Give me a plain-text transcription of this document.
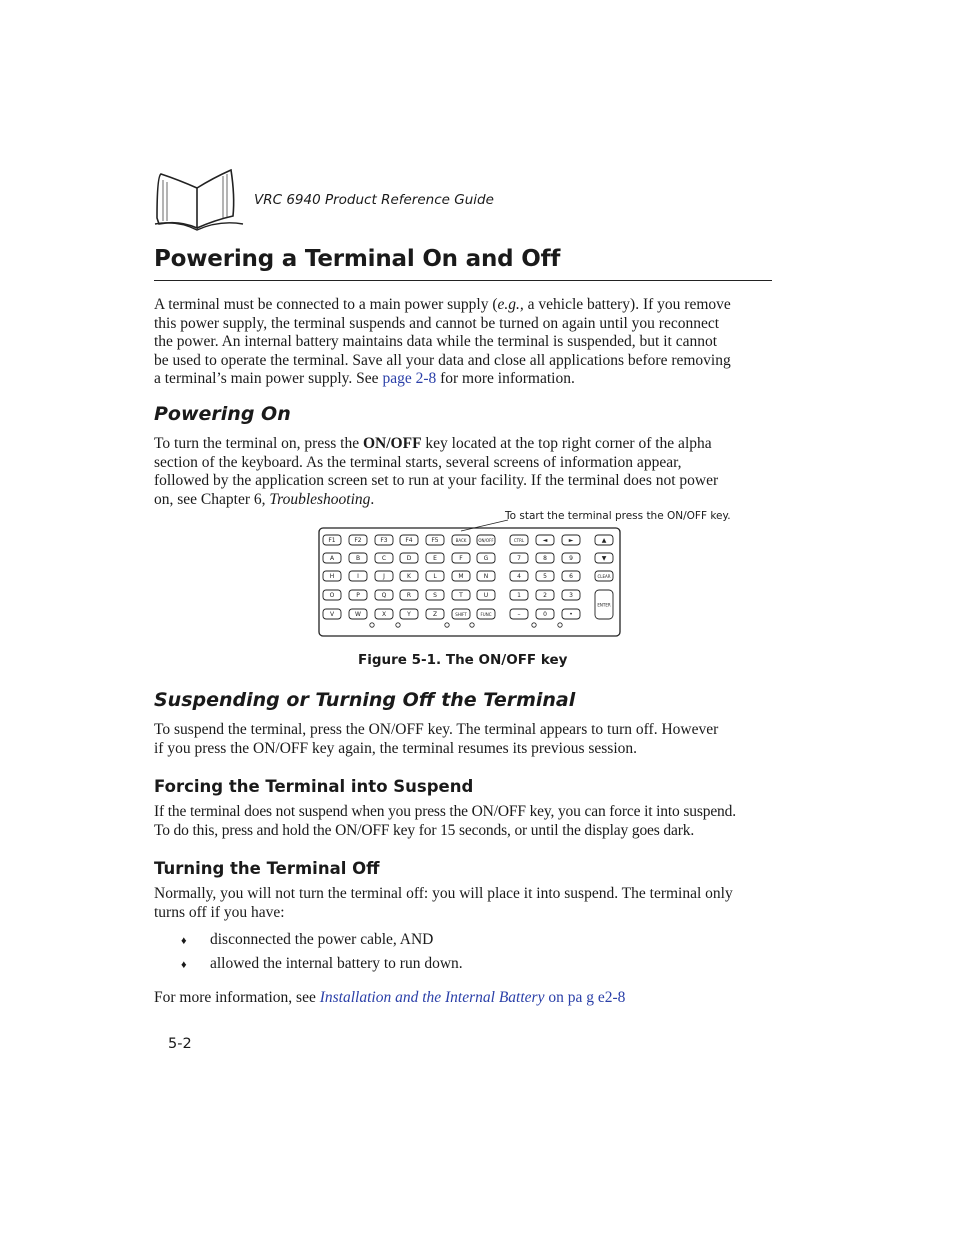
VRC 6940 Product Reference Guide
Powering a Terminal On and Off
A terminal must be connected to a main power supply (e.g., a vehicle battery). If you remove
this power supply, the terminal suspends and cannot be turned on again until you reconnect
the power. An internal battery maintains data while the terminal is suspended, but it cannot
be used to operate the terminal. Save all your data and close all applications before removing
a terminal’s main power supply. See page 2-8 for more information.
Powering On
To turn the terminal on, press the ON/OFF key located at the top right corner of the alpha
section of the keyboard. As the terminal starts, several screens of information appear,
followed by the application screen set to run at your facility. If the terminal does not power
on, see Chapter 6, Troubleshooting.
To start the terminal press the ON/OFF key.
F1	F2	F3	F4	F5	BACK	ON/OFF
A	B	C	D	E	F	G
H	I	J	K	L	M	N
O	P	Q	R	S	T	U
V	W	X	Y	Z	SHIFT	FUNC
CTRL	◄	►	▲
7	8	9	▼
4	5	6	CLEAR
1	2	3
–	0	•
ENTER
Figure 5-1. The ON/OFF key
Suspending or Turning Off the Terminal
To suspend the terminal, press the ON/OFF key. The terminal appears to turn off. However
if you press the ON/OFF key again, the terminal resumes its previous session.
Forcing the Terminal into Suspend
If the terminal does not suspend when you press the ON/OFF key, you can force it into suspend.
To do this, press and hold the ON/OFF key for 15 seconds, or until the display goes dark.
Turning the Terminal Off
Normally, you will not turn the terminal off: you will place it into suspend. The terminal only
turns off if you have:
♦ disconnected the power cable, AND
♦ allowed the internal battery to run down.
For more information, see Installation and the Internal Battery on pa g e2-8
5-2
